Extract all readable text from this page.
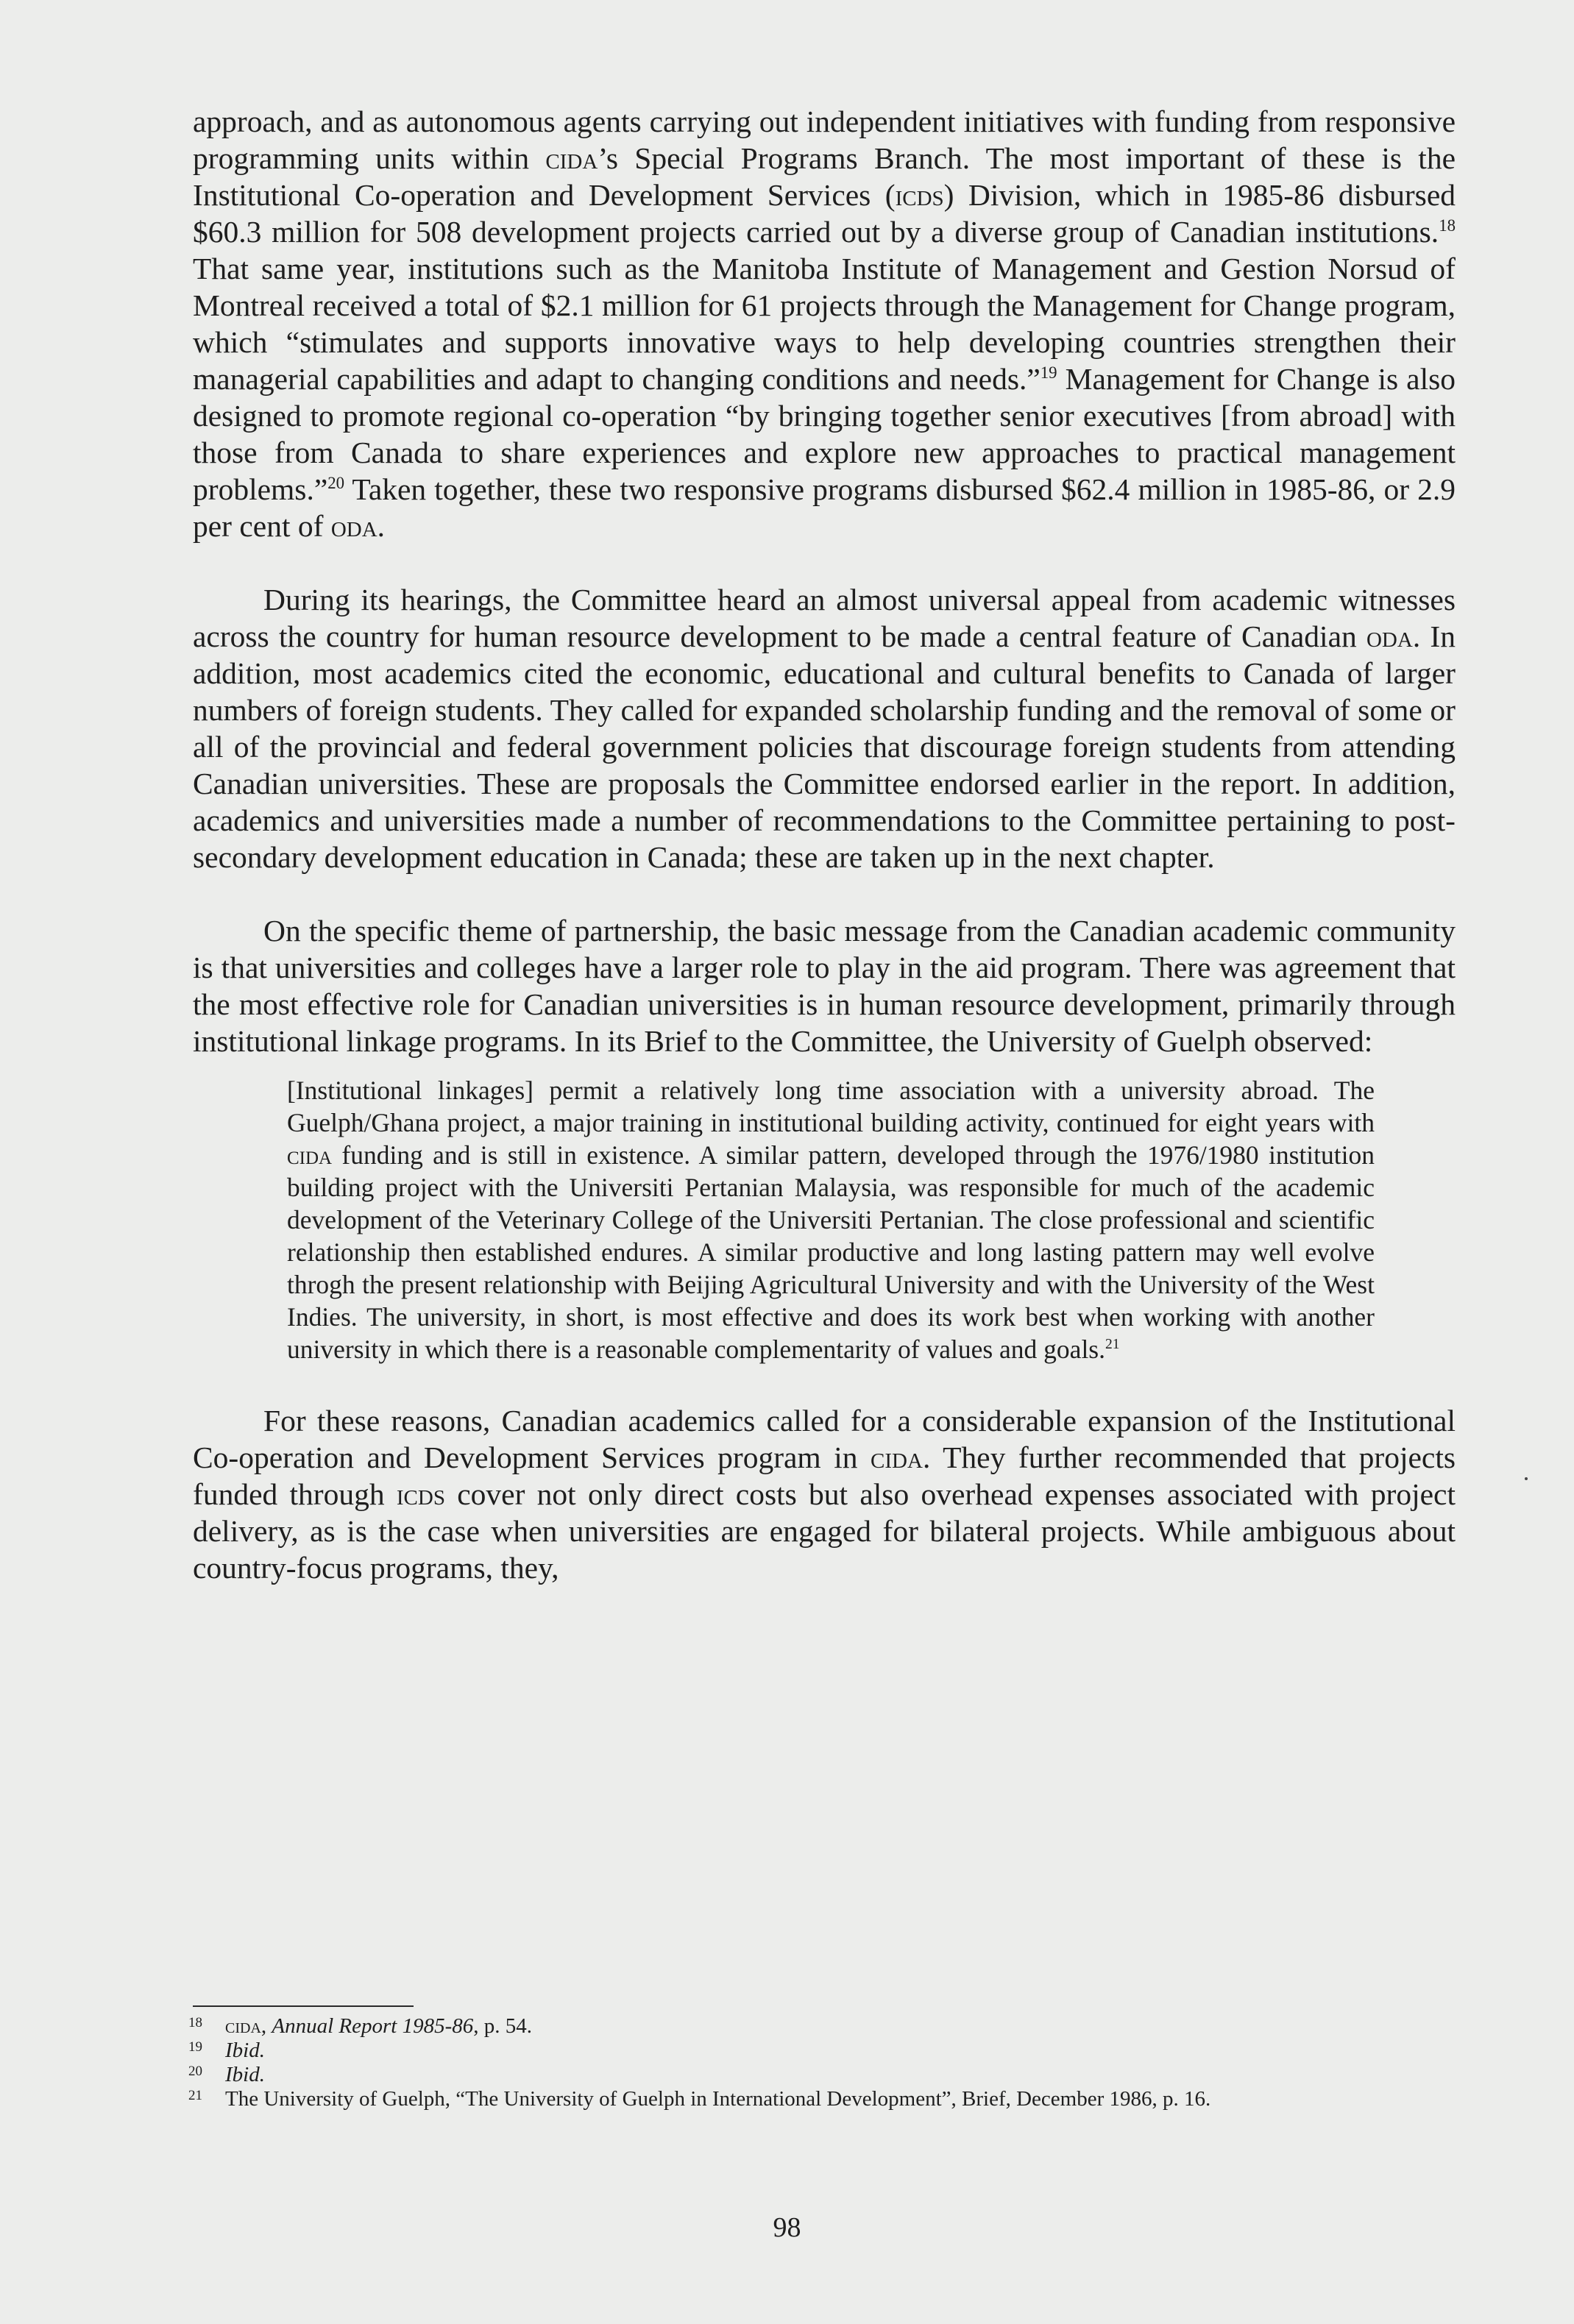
approach, and as autonomous agents carrying out independent initiatives with funding from responsive programming units within cida’s Special Programs Branch. The most important of these is the Institutional Co-operation and Development Services (icds) Division, which in 1985-86 disbursed $60.3 million for 508 development projects carried out by a diverse group of Canadian institutions.$^{18}$ That same year, institutions such as the Manitoba Institute of Management and Gestion Norsud of Montreal received a total of $2.1 million for 61 projects through the Management for Change program, which “stimulates and supports innovative ways to help developing countries strengthen their managerial capabilities and adapt to changing conditions and needs.”$^{19}$ Management for Change is also designed to promote regional co-operation “by bringing together senior executives [from abroad] with those from Canada to share experiences and explore new approaches to practical management problems.”$^{20}$ Taken together, these two responsive programs disbursed $62.4 million in 1985-86, or 2.9 per cent of oda.

During its hearings, the Committee heard an almost universal appeal from academic witnesses across the country for human resource development to be made a central feature of Canadian oda. In addition, most academics cited the economic, educational and cultural benefits to Canada of larger numbers of foreign students. They called for expanded scholarship funding and the removal of some or all of the provincial and federal government policies that discourage foreign students from attending Canadian universities. These are proposals the Committee endorsed earlier in the report. In addition, academics and universities made a number of recommendations to the Committee pertaining to post-secondary development education in Canada; these are taken up in the next chapter.

On the specific theme of partnership, the basic message from the Canadian academic community is that universities and colleges have a larger role to play in the aid program. There was agreement that the most effective role for Canadian universities is in human resource development, primarily through institutional linkage programs. In its Brief to the Committee, the University of Guelph observed:

[Institutional linkages] permit a relatively long time association with a university abroad. The Guelph/Ghana project, a major training in institutional building activity, continued for eight years with cida funding and is still in existence. A similar pattern, developed through the 1976/1980 institution building project with the Universiti Pertanian Malaysia, was responsible for much of the academic development of the Veterinary College of the Universiti Pertanian. The close professional and scientific relationship then established endures. A similar productive and long lasting pattern may well evolve throgh the present relationship with Beijing Agricultural University and with the University of the West Indies. The university, in short, is most effective and does its work best when working with another university in which there is a reasonable complementarity of values and goals.$^{21}$

For these reasons, Canadian academics called for a considerable expansion of the Institutional Co-operation and Development Services program in cida. They further recommended that projects funded through icds cover not only direct costs but also overhead expenses associated with project delivery, as is the case when universities are engaged for bilateral projects. While ambiguous about country-focus programs, they,

18	cida, Annual Report 1985-86, p. 54.
19	Ibid.
20	Ibid.
21	The University of Guelph, “The University of Guelph in International Development”, Brief, December 1986, p. 16.
98
